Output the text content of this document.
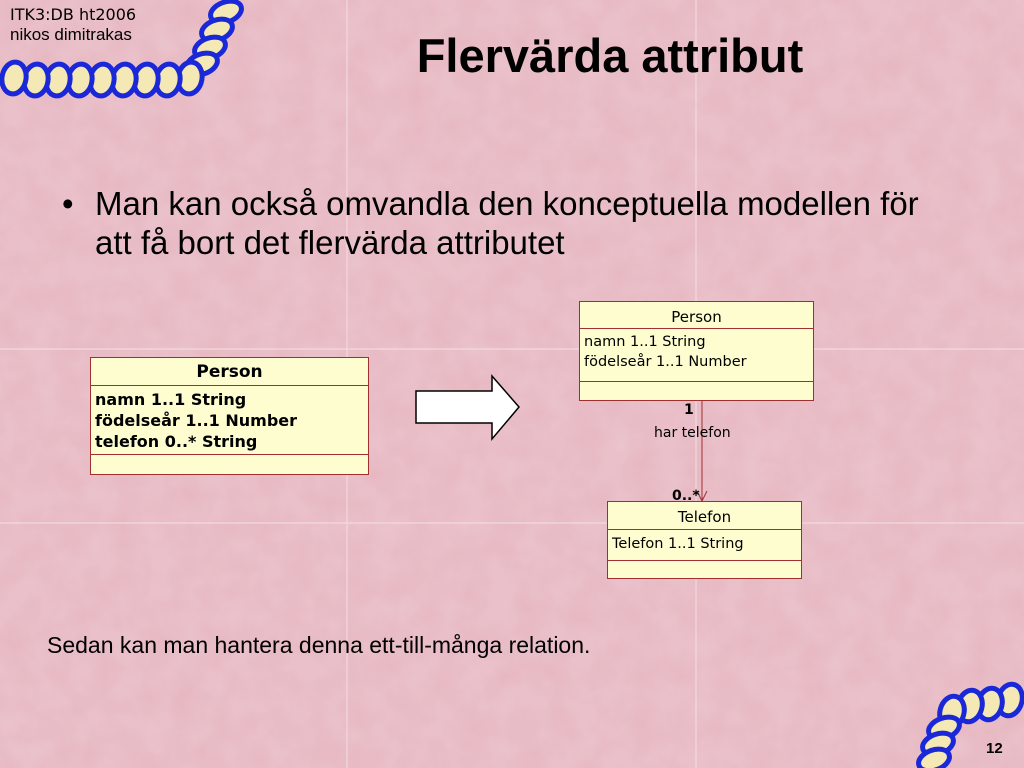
ITK3:DB ht2006
nikos dimitrakas	Flervärda attribut
• Man kan också omvandla den konceptuella modellen för att få bort det flervärda attributet
Person
namn 1..1 String
födelseår 1..1 Number
telefon 0..* String
Person
namn 1..1 String
födelseår 1..1 Number
Telefon
Telefon 1..1 String
1
har telefon
0..*
Sedan kan man hantera denna ett-till-många relation.
12
